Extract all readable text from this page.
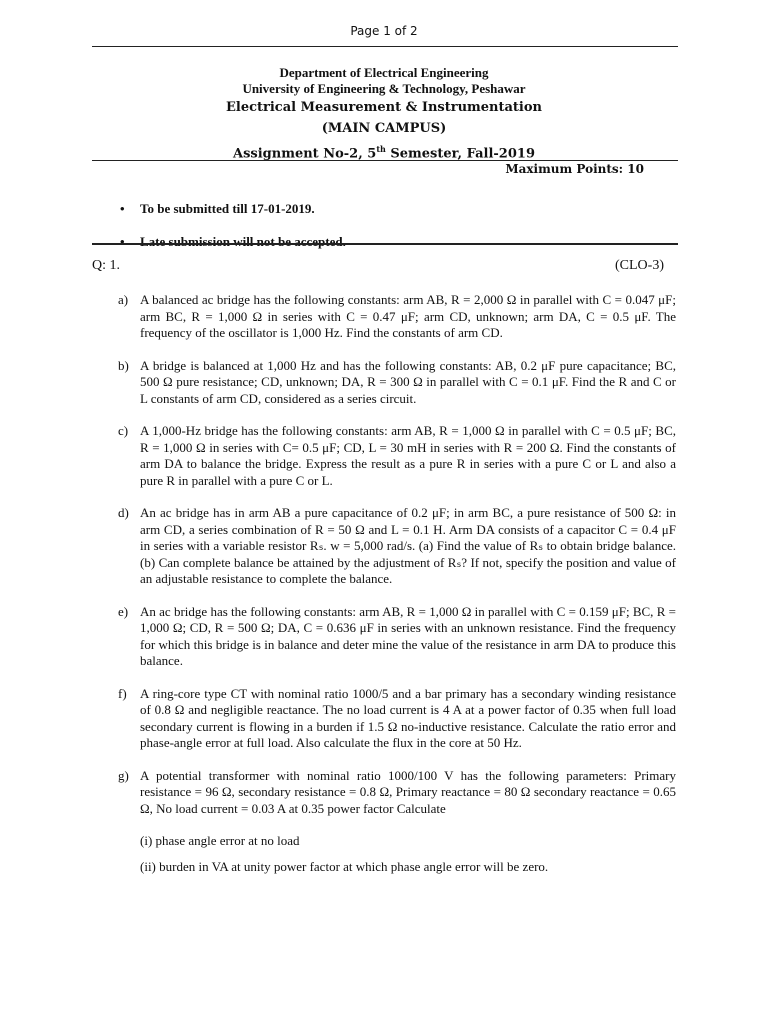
Page 1 of 2
Department of Electrical Engineering
University of Engineering & Technology, Peshawar
Electrical Measurement & Instrumentation
(MAIN CAMPUS)
Assignment No-2, 5th Semester, Fall-2019
Maximum Points: 10
•	To be submitted till 17-01-2019.
•	Late submission will not be accepted.
Q: 1.	(CLO-3)
a) A balanced ac bridge has the following constants: arm AB, R = 2,000 Ω in parallel with C = 0.047 μF; arm BC, R = 1,000 Ω in series with C = 0.47 μF; arm CD, unknown; arm DA, C = 0.5 μF. The frequency of the oscillator is 1,000 Hz. Find the constants of arm CD.
b) A bridge is balanced at 1,000 Hz and has the following constants: AB, 0.2 μF pure capacitance; BC, 500 Ω pure resistance; CD, unknown; DA, R = 300 Ω in parallel with C = 0.1 μF. Find the R and C or L constants of arm CD, considered as a series circuit.
c) A 1,000-Hz bridge has the following constants: arm AB, R = 1,000 Ω in parallel with C = 0.5 μF; BC, R = 1,000 Ω in series with C= 0.5 μF; CD, L = 30 mH in series with R = 200 Ω. Find the constants of arm DA to balance the bridge. Express the result as a pure R in series with a pure C or L and also a pure R in parallel with a pure C or L.
d) An ac bridge has in arm AB a pure capacitance of 0.2 μF; in arm BC, a pure resistance of 500 Ω: in arm CD, a series combination of R = 50 Ω and L = 0.1 H. Arm DA consists of a capacitor C = 0.4 μF in series with a variable resistor Rₛ. w = 5,000 rad/s. (a) Find the value of Rₛ to obtain bridge balance. (b) Can complete balance be attained by the adjustment of Rₛ? If not, specify the position and value of an adjustable resistance to complete the balance.
e) An ac bridge has the following constants: arm AB, R = 1,000 Ω in parallel with C = 0.159 μF; BC, R = 1,000 Ω; CD, R = 500 Ω; DA, C = 0.636 μF in series with an unknown resistance. Find the frequency for which this bridge is in balance and deter mine the value of the resistance in arm DA to produce this balance.
f)	A ring-core type CT with nominal ratio 1000/5 and a bar primary has a secondary winding resistance of 0.8 Ω and negligible reactance. The no load current is 4 A at a power factor of 0.35 when full load secondary current is flowing in a burden if 1.5 Ω no-inductive resistance. Calculate the ratio error and phase-angle error at full load. Also calculate the flux in the core at 50 Hz.
g) A potential transformer with nominal ratio 1000/100 V has the following parameters: Primary resistance = 96 Ω, secondary resistance = 0.8 Ω, Primary reactance = 80 Ω secondary reactance = 0.65 Ω, No load current = 0.03 A at 0.35 power factor Calculate
(i) phase angle error at no load
(ii) burden in VA at unity power factor at which phase angle error will be zero.
